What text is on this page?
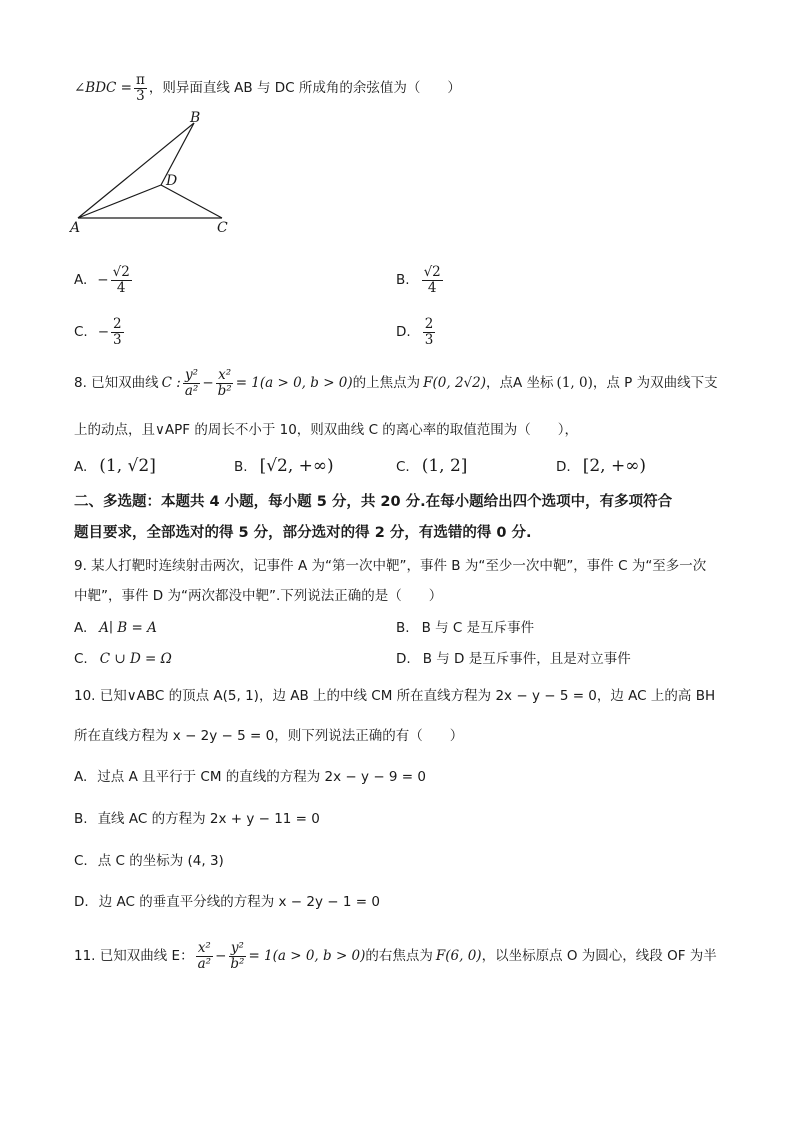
∠BDC = $\frac{\pi}{3}$ ，则异面直线 AB 与 DC 所成角的余弦值为（　　）
B
D
A	C
A. − $\frac{√2}{4}$	B. $\frac{√2}{4}$
C. − $\frac{2}{3}$	D. $\frac{2}{3}$
8. 已知双曲线 C : $\frac{\text{y²}}{\text{a²}} - \frac{\text{x²}}{\text{b²}} = 1(a > 0$, b > 0) 的上焦点为 F(0, 2√2) ，点A 坐标 (1, 0) ，点 P 为双曲线下支
上的动点，且∨APF 的周长不小于 10，则双曲线 C 的离心率的取值范围为（　　），
A. (1, √2]	B. [√2, +∞)	C. (1, 2]	D. [2, +∞)
二、多选题：本题共 4 小题，每小题 5 分，共 20 分.在每小题给出四个选项中，有多项符合
题目要求，全部选对的得 5 分，部分选对的得 2 分，有选错的得 0 分.
9. 某人打靶时连续射击两次，记事件 A 为“第一次中靶”，事件 B 为“至少一次中靶”，事件 C 为“至多一次
中靶”，事件 D 为“两次都没中靶”.下列说法正确的是（　　）
A. A∣ B = A	B. B 与 C 是互斥事件
C. C ∪ D = Ω	D. B 与 D 是互斥事件，且是对立事件
10. 已知∨ABC 的顶点 A(5, 1)，边 AB 上的中线 CM 所在直线方程为 2x − y − 5 = 0，边 AC 上的高 BH
所在直线方程为 x − 2y − 5 = 0，则下列说法正确的有（　　）
A. 过点 A 且平行于 CM 的直线的方程为 2x − y − 9 = 0
B. 直线 AC 的方程为 2x + y − 11 = 0
C. 点 C 的坐标为 (4, 3)
D. 边 AC 的垂直平分线的方程为 x − 2y − 1 = 0
11. 已知双曲线 E： $\frac{\text{x²}}{\text{a²}} - \frac{\text{y²}}{\text{b²}} = 1(a > 0$, b > 0) 的右焦点为 F(6, 0) ，以坐标原点 O 为圆心，线段 OF 为半
